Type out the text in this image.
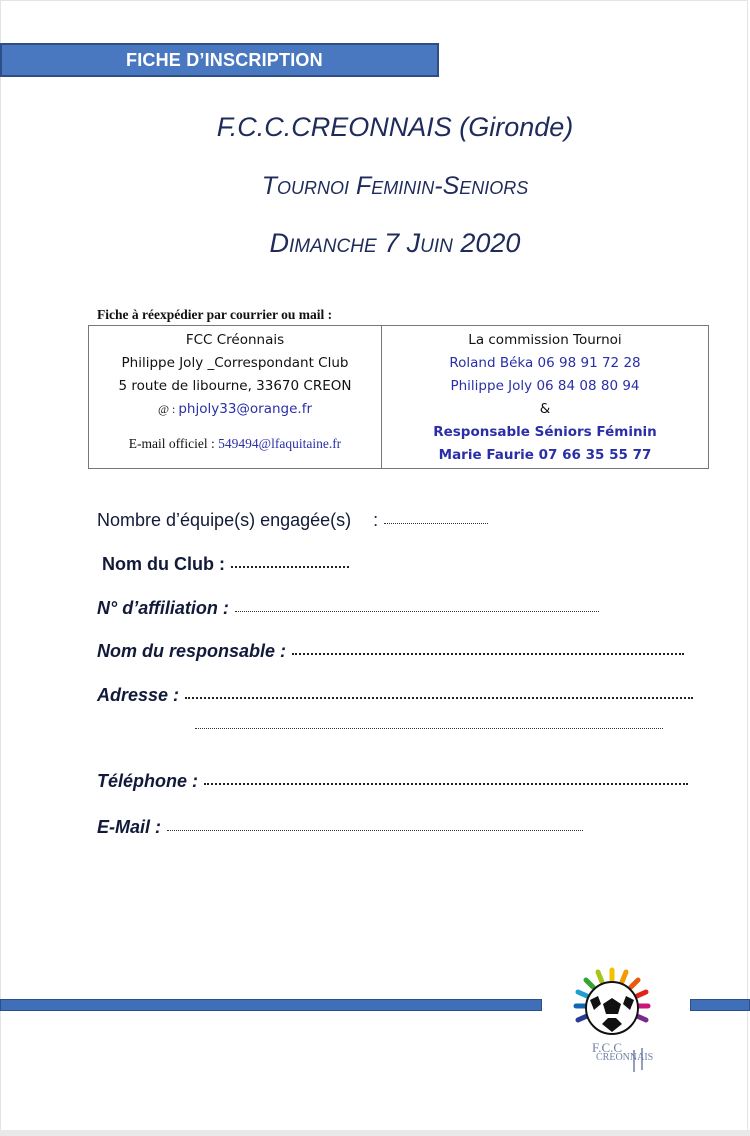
FICHE D’INSCRIPTION
F.C.C.CREONNAIS (Gironde)
Tournoi Feminin-Seniors
Dimanche 7 Juin 2020
Fiche à réexpédier par courrier ou mail :
FCC Créonnais
Philippe Joly _Correspondant Club
5 route de libourne, 33670 CREON
@ : phjoly33@orange.fr
E-mail officiel : 549494@lfaquitaine.fr
La commission Tournoi
Roland Béka 06 98 91 72 28
Philippe Joly 06 84 08 80 94
&
Responsable Séniors Féminin
Marie Faurie 07 66 35 55 77
Nombre d’équipe(s) engagée(s) :
Nom du Club :
N° d’affiliation :
Nom du responsable :
Adresse :
Téléphone :
E-Mail :
F.C.C
CREONNAIS
